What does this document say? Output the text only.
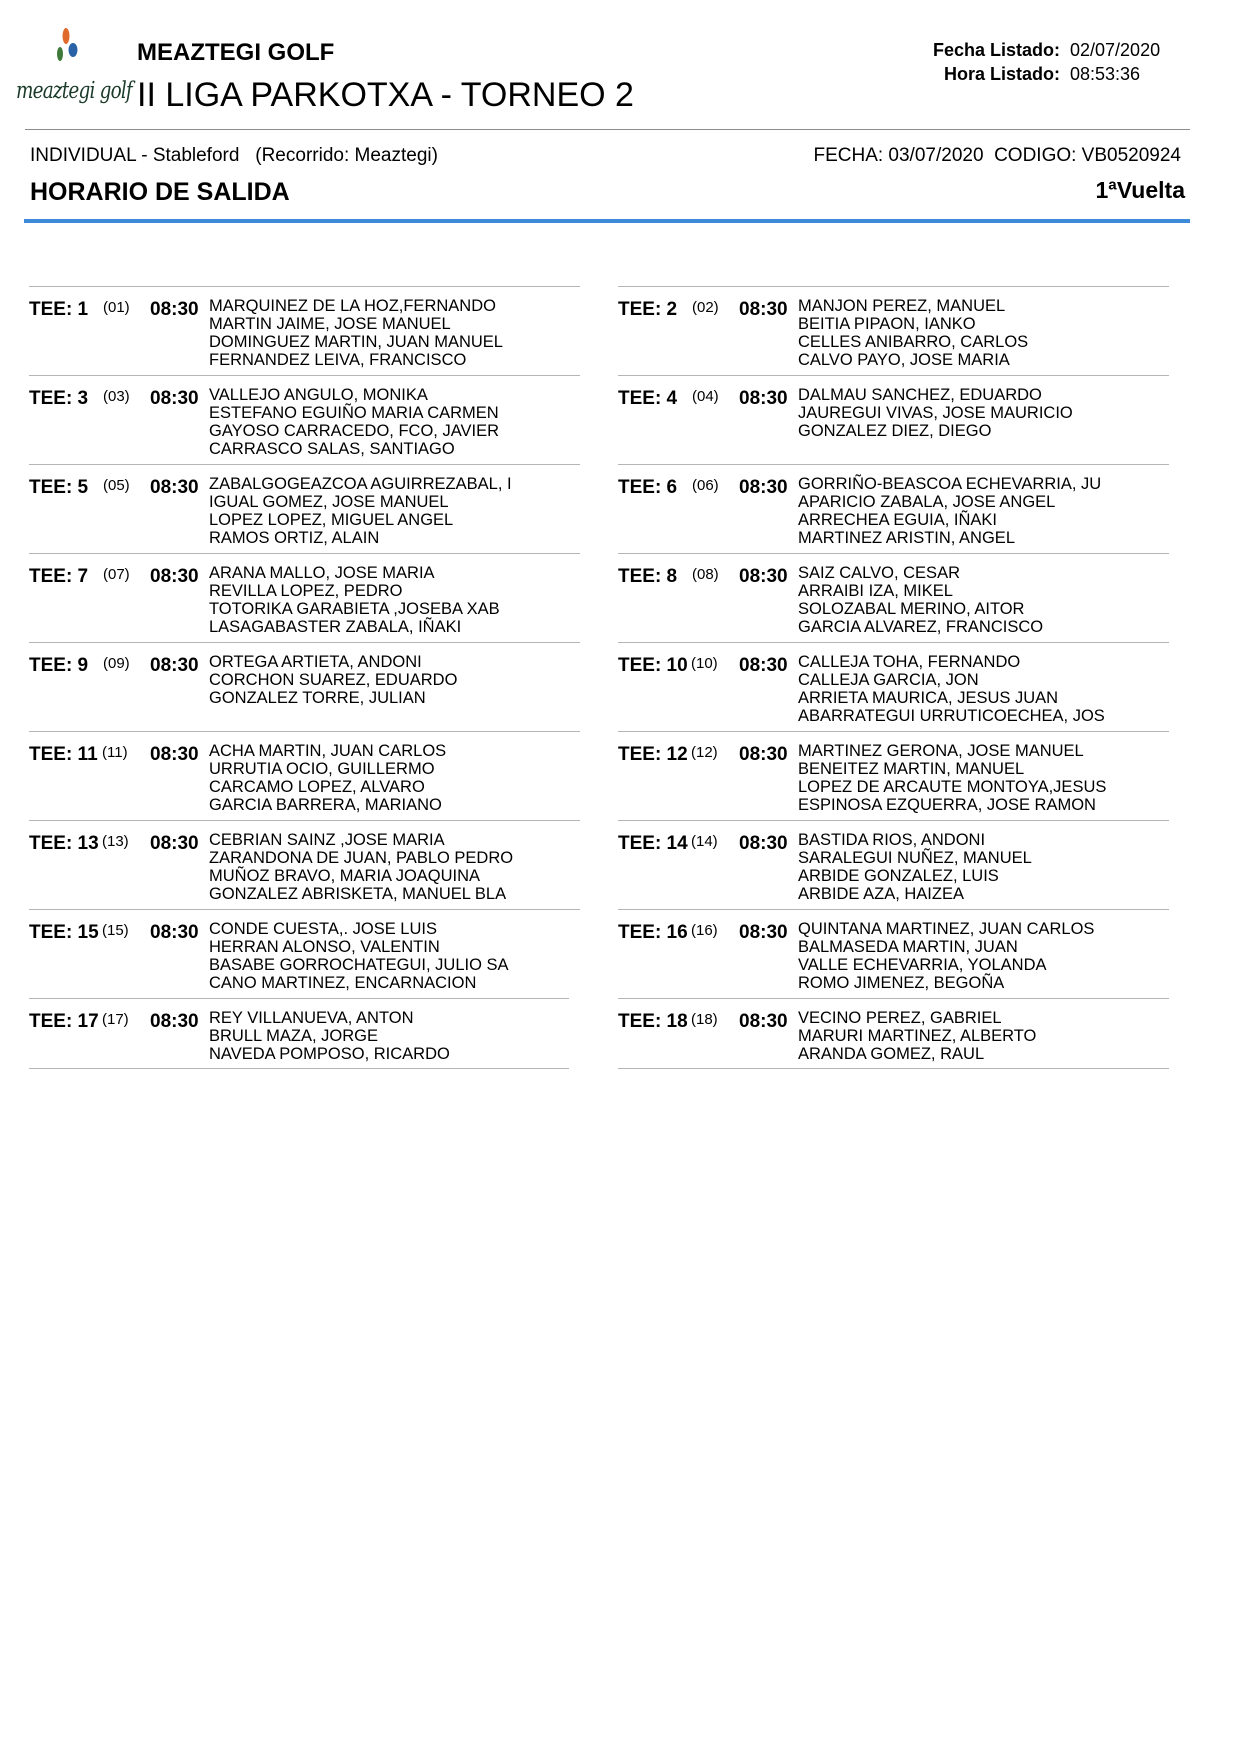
meaztegi golf
MEAZTEGI GOLF
II LIGA PARKOTXA - TORNEO 2
Fecha Listado: 02/07/2020
Hora Listado: 08:53:36
INDIVIDUAL - Stableford   (Recorrido: Meaztegi)	FECHA: 03/07/2020  CODIGO: VB0520924
HORARIO DE SALIDA	1ªVuelta
TEE: 1 (01) 08:30 MARQUINEZ DE LA HOZ,FERNANDO
MARTIN JAIME, JOSE MANUEL
DOMINGUEZ MARTIN, JUAN MANUEL
FERNANDEZ LEIVA, FRANCISCO
TEE: 3 (03) 08:30 VALLEJO ANGULO, MONIKA
ESTEFANO EGUIÑO MARIA CARMEN
GAYOSO CARRACEDO, FCO, JAVIER
CARRASCO SALAS, SANTIAGO
TEE: 5 (05) 08:30 ZABALGOGEAZCOA AGUIRREZABAL, I
IGUAL GOMEZ, JOSE MANUEL
LOPEZ LOPEZ, MIGUEL ANGEL
RAMOS ORTIZ, ALAIN
TEE: 7 (07) 08:30 ARANA MALLO, JOSE MARIA
REVILLA LOPEZ, PEDRO
TOTORIKA GARABIETA ,JOSEBA XAB
LASAGABASTER ZABALA, IÑAKI
TEE: 9 (09) 08:30 ORTEGA ARTIETA, ANDONI
CORCHON SUAREZ, EDUARDO
GONZALEZ TORRE, JULIAN
TEE: 11 (11) 08:30 ACHA MARTIN, JUAN CARLOS
URRUTIA OCIO, GUILLERMO
CARCAMO LOPEZ, ALVARO
GARCIA BARRERA, MARIANO
TEE: 13 (13) 08:30 CEBRIAN SAINZ ,JOSE MARIA
ZARANDONA DE JUAN, PABLO PEDRO
MUÑOZ BRAVO, MARIA JOAQUINA
GONZALEZ ABRISKETA, MANUEL BLA
TEE: 15 (15) 08:30 CONDE CUESTA,. JOSE LUIS
HERRAN ALONSO, VALENTIN
BASABE GORROCHATEGUI, JULIO SA
CANO MARTINEZ, ENCARNACION
TEE: 17 (17) 08:30 REY VILLANUEVA, ANTON
BRULL MAZA, JORGE
NAVEDA POMPOSO, RICARDO
TEE: 2 (02) 08:30 MANJON PEREZ, MANUEL
BEITIA PIPAON, IANKO
CELLES ANIBARRO, CARLOS
CALVO PAYO, JOSE MARIA
TEE: 4 (04) 08:30 DALMAU SANCHEZ, EDUARDO
JAUREGUI VIVAS, JOSE MAURICIO
GONZALEZ DIEZ, DIEGO
TEE: 6 (06) 08:30 GORRIÑO-BEASCOA ECHEVARRIA, JU
APARICIO ZABALA, JOSE ANGEL
ARRECHEA EGUIA, IÑAKI
MARTINEZ ARISTIN, ANGEL
TEE: 8 (08) 08:30 SAIZ CALVO, CESAR
ARRAIBI IZA, MIKEL
SOLOZABAL MERINO, AITOR
GARCIA ALVAREZ, FRANCISCO
TEE: 10 (10) 08:30 CALLEJA TOHA, FERNANDO
CALLEJA GARCIA, JON
ARRIETA MAURICA, JESUS JUAN
ABARRATEGUI URRUTICOECHEA, JOS
TEE: 12 (12) 08:30 MARTINEZ GERONA, JOSE MANUEL
BENEITEZ MARTIN, MANUEL
LOPEZ DE ARCAUTE MONTOYA,JESUS
ESPINOSA EZQUERRA, JOSE RAMON
TEE: 14 (14) 08:30 BASTIDA RIOS, ANDONI
SARALEGUI NUÑEZ, MANUEL
ARBIDE GONZALEZ, LUIS
ARBIDE AZA, HAIZEA
TEE: 16 (16) 08:30 QUINTANA MARTINEZ, JUAN CARLOS
BALMASEDA MARTIN, JUAN
VALLE ECHEVARRIA, YOLANDA
ROMO JIMENEZ, BEGOÑA
TEE: 18 (18) 08:30 VECINO PEREZ, GABRIEL
MARURI MARTINEZ, ALBERTO
ARANDA GOMEZ, RAUL
